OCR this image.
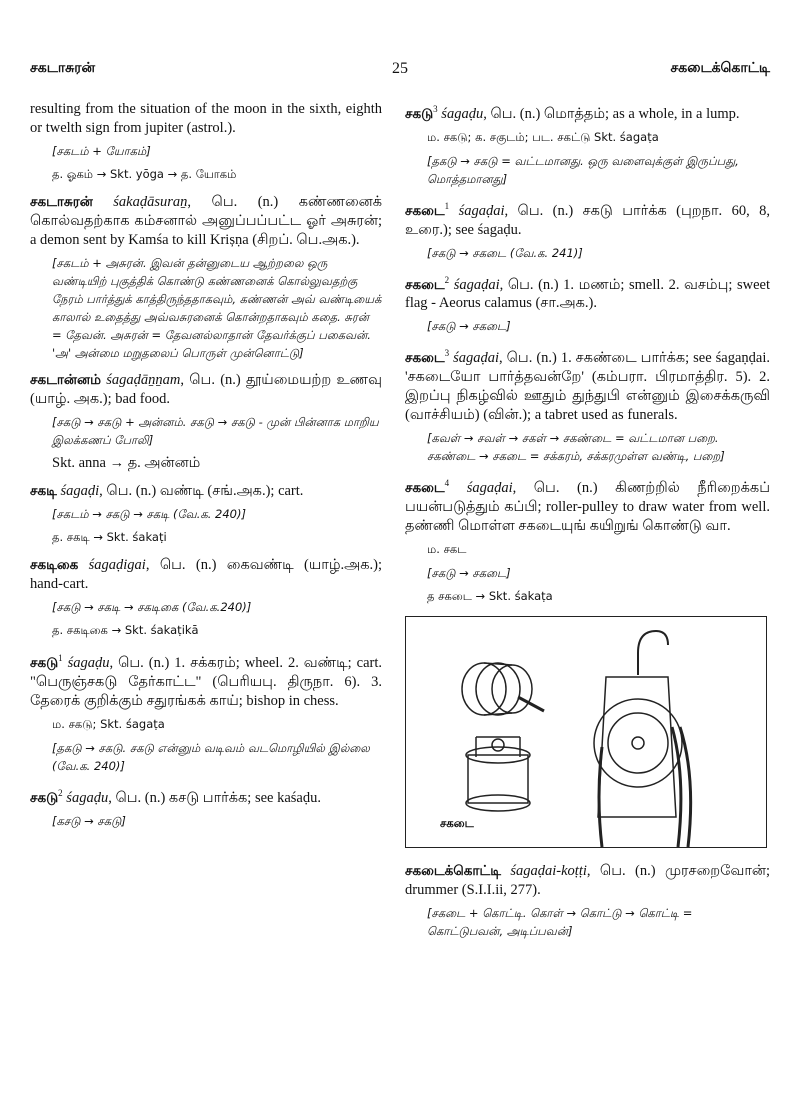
சகடாசுரன்	25	சகடைக்கொட்டி

resulting from the situation of the moon in the sixth, eighth or twelth sign from jupiter (astrol.).

[சகடம் + யோகம்]
த. ஓகம் → Skt. yōga → த. யோகம்

சகடாசுரன் śakaḍāsuraṉ, பெ. (n.) கண்ணனைக் கொல்வதற்காக கம்சனால் அனுப்பப்பட்ட ஓர் அசுரன்; a demon sent by Kamśa to kill Krișṇa (சிறப். பெ.அக.).

[சகடம் + அசுரன். இவன் தன்னுடைய ஆற்றலை ஒரு வண்டியிற் புகுத்திக் கொண்டு கண்ணனைக் கொல்லுவதற்கு நேரம் பார்த்துக் காத்திருந்ததாகவும், கண்ணன் அவ் வண்டியைக் காலால் உதைத்து அவ்வசுரனைக் கொன்றதாகவும் கதை. சுரன் = தேவன். அசுரன் = தேவனல்லாதான் தேவர்க்குப் பகைவன். 'அ' அன்மை மறுதலைப் பொருள் முன்னொட்டு]

சகடான்னம் śagaḍāṉṉam, பெ. (n.) தூய்மையற்ற உணவு (யாழ். அக.); bad food.

[சகடு → சகடு + அன்னம். சகடு → சகடு - முன் பின்னாக மாறிய இலக்கணப் போலி]
Skt. anna → த. அன்னம்

சகடி śagaḍi, பெ. (n.) வண்டி (சங்.அக.); cart.

[சகடம் → சகடு → சகடி (வே.க. 240)]
த. சகடி → Skt. śakaṭi

சகடிகை śagaḍigai, பெ. (n.) கைவண்டி (யாழ்.அக.); hand-cart.

[சகடு → சகடி → சகடிகை (வே.க.240)]
த. சகடிகை → Skt. śakaṭikā

சகடு$^1$ śagaḍu, பெ. (n.) 1. சக்கரம்; wheel. 2. வண்டி; cart. "பெருஞ்சகடு தேர்காட்ட" (பெரியபு. திருநா. 6). 3. தேரைக் குறிக்கும் சதுரங்கக் காய்; bishop in chess.

ம. சகடு; Skt. śagaṭa
[தகடு → சகடு. சகடு என்னும் வடிவம் வடமொழியில் இல்லை (வே.க. 240)]

சகடு$^2$ śagaḍu, பெ. (n.) கசடு பார்க்க; see kaśaḍu.

[கசடு → சகடு]

சகடு$^3$ śagaḍu, பெ. (n.) மொத்தம்; as a whole, in a lump.

ம. சகடு; க. சகுடம்; பட. சகட்டு Skt. śagaṭa
[தகடு → சகடு = வட்டமானது. ஒரு வளைவுக்குள் இருப்பது, மொத்தமானது]

சகடை$^1$ śagaḍai, பெ. (n.) சகடு பார்க்க (புறநா. 60, 8, உரை.); see śagaḍu.

[சகடு → சகடை (வே.க. 241)]

சகடை$^2$ śagaḍai, பெ. (n.) 1. மணம்; smell. 2. வசம்பு; sweet flag - Aeorus calamus (சா.அக.).

[சகடு → சகடை]

சகடை$^3$ śagaḍai, பெ. (n.) 1. சகண்டை பார்க்க; see śagaṇḍai. 'சகடையோ பார்த்தவன்றே' (கம்பரா. பிரமாத்திர. 5). 2. இறப்பு நிகழ்வில் ஊதும் துந்துபி என்னும் இசைக்கருவி (வாச்சியம்) (வின்.); a tabret used as funerals.

[கவள் → சவள் → சகள் → சகண்டை = வட்டமான பறை. சகண்டை → சகடை = சக்கரம், சக்கரமுள்ள வண்டி, பறை]

சகடை$^4$ śagaḍai, பெ. (n.) கிணற்றில் நீரிறைக்கப் பயன்படுத்தும் கப்பி; roller-pulley to draw water from well. தண்ணி மொள்ள சகடையுங் கயிறுங் கொண்டு வா.

ம. சகட
[சகடு → சகடை]
த சகடை → Skt. śakaṭa
சகடை

சகடைக்கொட்டி śagaḍai-koṭṭi, பெ. (n.) முரசறைவோன்; drummer (S.I.I.ii, 277).

[சகடை + கொட்டி. கொள் → கொட்டு → கொட்டி = கொட்டுபவன், அடிப்பவன்]
